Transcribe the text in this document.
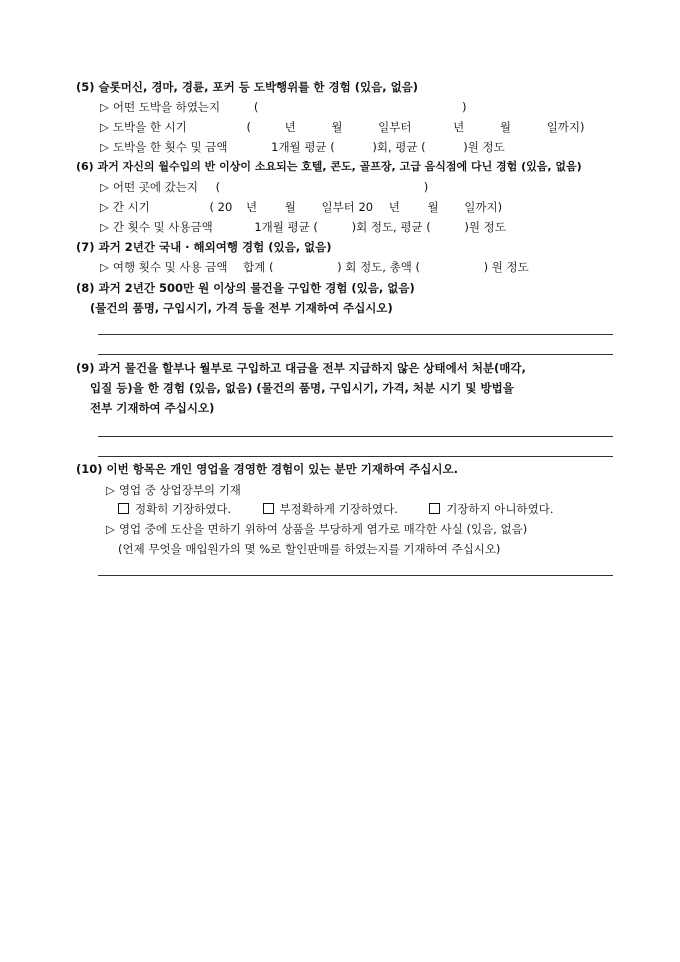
(5) 슬롯머신, 경마, 경륜, 포커 등 도박행위를 한 경험 (있음, 없음)
▷ 어떤 도박을 하였는지	(	)
▷ 도박을 한 시기	(	년	월	일부터	년	월	일까지)
▷ 도박을 한 횟수 및 금액	1개월 평균 (	)회, 평균 (	)원 정도
(6) 과거 자신의 월수입의 반 이상이 소요되는 호텔, 콘도, 골프장, 고급 음식점에 다닌 경험 (있음, 없음)
▷ 어떤 곳에 갔는지 (	)
▷ 간 시기	( 20 년 월 일부터 20 년 월 일까지)
▷ 간 횟수 및 사용금액	1개월 평균 (	)회 정도, 평균 (	)원 정도
(7) 과거 2년간 국내 · 해외여행 경험 (있음, 없음)
▷ 여행 횟수 및 사용 금액 합계 (	) 회 정도, 총액 (	) 원 정도
(8) 과거 2년간 500만 원 이상의 물건을 구입한 경험 (있음, 없음)
(물건의 품명, 구입시기, 가격 등을 전부 기재하여 주십시오)
(9) 과거 물건을 할부나 월부로 구입하고 대금을 전부 지급하지 않은 상태에서 처분(매각,
입질 등)을 한 경험 (있음, 없음) (물건의 품명, 구입시기, 가격, 처분 시기 및 방법을
전부 기재하여 주십시오)
(10) 이번 항목은 개인 영업을 경영한 경험이 있는 분만 기재하여 주십시오.
▷ 영업 중 상업장부의 기재
정확히 기장하였다.	부정확하게 기장하였다.	기장하지 아니하였다.
▷ 영업 중에 도산을 면하기 위하여 상품을 부당하게 염가로 매각한 사실 (있음, 없음)
(언제 무엇을 매입원가의 몇 %로 할인판매를 하였는지를 기재하여 주십시오)
